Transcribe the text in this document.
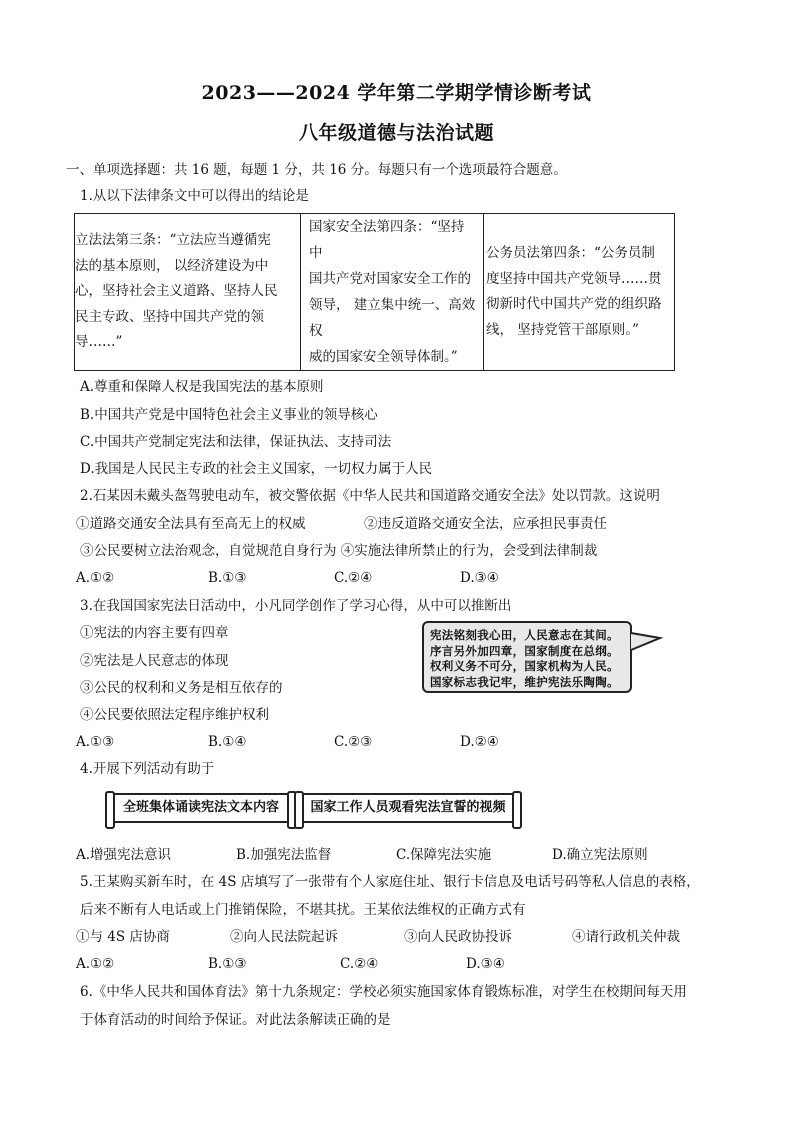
2023——2024 学年第二学期学情诊断考试
八年级道德与法治试题
一、单项选择题：共 16 题，每题 1 分，共 16 分。每题只有一个选项最符合题意。
1.从以下法律条文中可以得出的结论是
立法法第三条：“立法应当遵循宪
法的基本原则， 以经济建设为中
心，坚持社会主义道路、坚持人民
民主专政、坚持中国共产党的领
导……”

国家安全法第四条：“坚持
中
国共产党对国家安全工作的
领导， 建立集中统一、高效
权
威的国家安全领导体制。”

公务员法第四条：“公务员制
度坚持中国共产党领导……贯
彻新时代中国共产党的组织路
线， 坚持党管干部原则。”
A.尊重和保障人权是我国宪法的基本原则
B.中国共产党是中国特色社会主义事业的领导核心
C.中国共产党制定宪法和法律，保证执法、支持司法
D.我国是人民民主专政的社会主义国家，一切权力属于人民
2.石某因未戴头盔驾驶电动车，被交警依据《中华人民共和国道路交通安全法》处以罚款。这说明
①道路交通安全法具有至高无上的权威	②违反道路交通安全法，应承担民事责任
③公民要树立法治观念，自觉规范自身行为 ④实施法律所禁止的行为，会受到法律制裁
A.①②	B.①③	C.②④	D.③④
3.在我国国家宪法日活动中，小凡同学创作了学习心得，从中可以推断出
①宪法的内容主要有四章
②宪法是人民意志的体现
③公民的权利和义务是相互依存的
④公民要依照法定程序维护权利
宪法铭刻我心田，人民意志在其间。
序言另外加四章，国家制度在总纲。
权利义务不可分，国家机构为人民。
国家标志我记牢，维护宪法乐陶陶。
A.①③	B.①④	C.②③	D.②④
4.开展下列活动有助于
全班集体诵读宪法文本内容	国家工作人员观看宪法宣誓的视频
A.增强宪法意识	B.加强宪法监督	C.保障宪法实施	D.确立宪法原则
5.王某购买新车时，在 4S 店填写了一张带有个人家庭住址、银行卡信息及电话号码等私人信息的表格，
后来不断有人电话或上门推销保险，不堪其扰。王某依法维权的正确方式有
①与 4S 店协商	②向人民法院起诉	③向人民政协投诉	④请行政机关仲裁
A.①②	B.①③	C.②④	D.③④
6.《中华人民共和国体育法》第十九条规定：学校必须实施国家体育锻炼标准，对学生在校期间每天用
于体育活动的时间给予保证。对此法条解读正确的是
